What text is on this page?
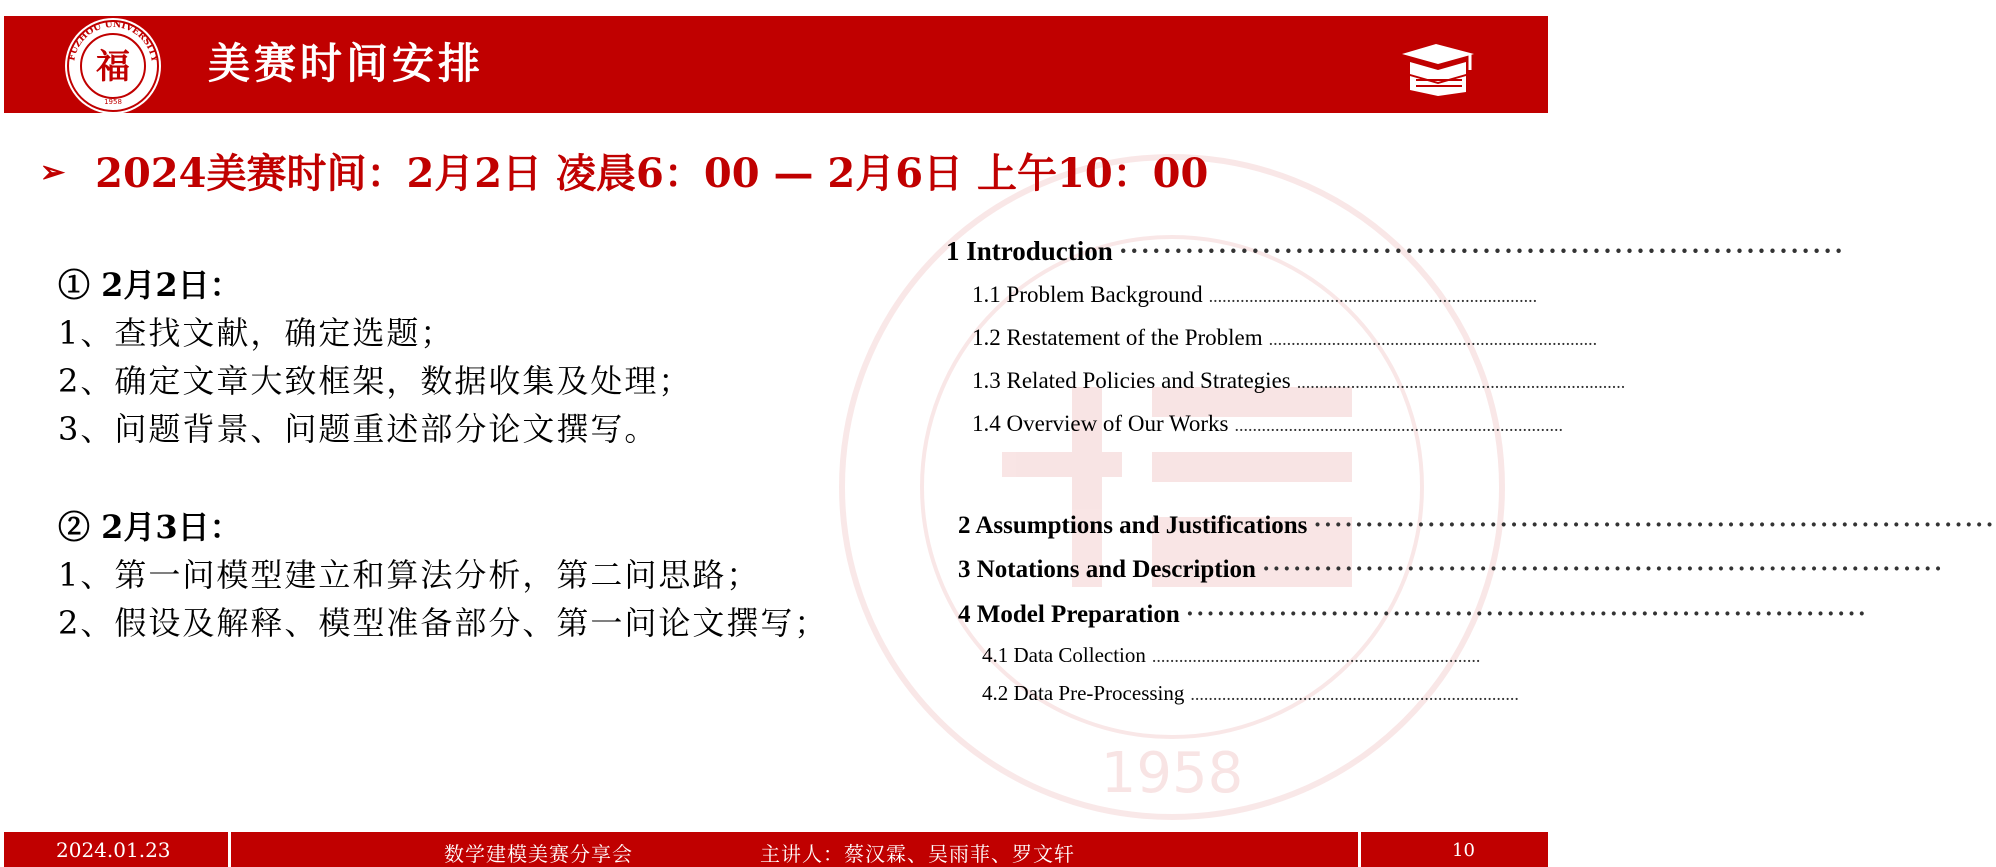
1958
FUZHOU UNIVERSITY
福
1958
美赛时间安排
➢ 2024美赛时间：2月2日 凌晨6：00 — 2月6日 上午10：00
① 2月2日：
1、查找文献，确定选题；
2、确定文章大致框架，数据收集及处理；
3、问题背景、问题重述部分论文撰写。
② 2月3日：
1、第一问模型建立和算法分析，第二问思路；
2、假设及解释、模型准备部分、第一问论文撰写；
1 Introduction ··································································
1.1 Problem Background .........................................................................
1.2 Restatement of the Problem .........................................................................
1.3 Related Policies and Strategies .........................................................................
1.4 Overview of Our Works .........................................................................
2 Assumptions and Justifications ··································································
3 Notations and Description ··································································
4 Model Preparation ··································································
4.1 Data Collection .........................................................................
4.2 Data Pre-Processing .........................................................................
2024.01.23	数学建模美赛分享会	主讲人：蔡汉霖、吴雨菲、罗文轩	10
